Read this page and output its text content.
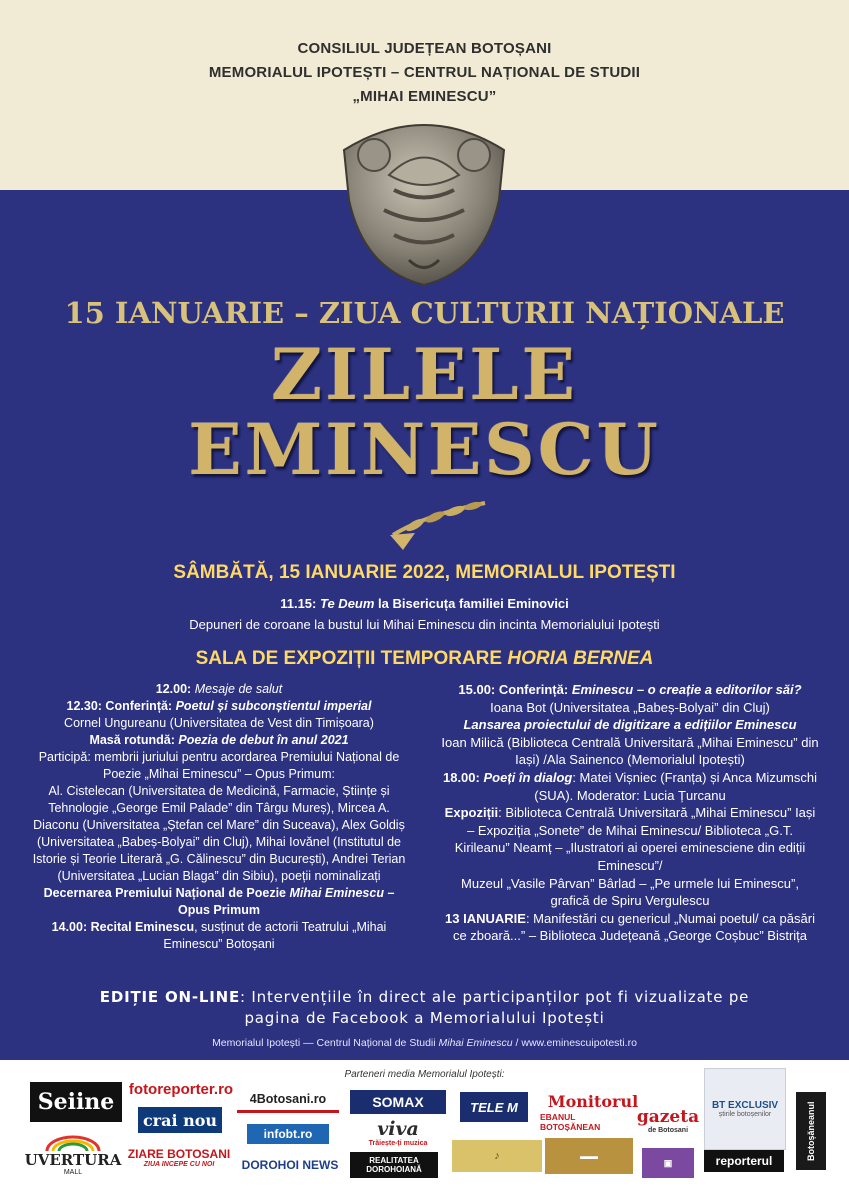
CONSILIUL JUDEȚEAN BOTOȘANI
MEMORIALUL IPOTEȘTI – CENTRUL NAȚIONAL DE STUDII
„MIHAI EMINESCU”
15 IANUARIE – ZIUA CULTURII NAȚIONALE
ZILELE
EMINESCU
SÂMBĂTĂ, 15 IANUARIE 2022, MEMORIALUL IPOTEȘTI
11.15: Te Deum la Bisericuța familiei Eminovici
Depuneri de coroane la bustul lui Mihai Eminescu din incinta Memorialului Ipotești
SALA DE EXPOZIȚII TEMPORARE HORIA BERNEA

12.00: Mesaje de salut

12.30: Conferință: Poetul și subconștientul imperial

Cornel Ungureanu (Universitatea de Vest din Timișoara)

Masă rotundă: Poezia de debut în anul 2021

Participă: membrii juriului pentru acordarea Premiului Național de Poezie „Mihai Eminescu” – Opus Primum:

Al. Cistelecan (Universitatea de Medicină, Farmacie, Științe și Tehnologie „George Emil Palade” din Târgu Mureș), Mircea A. Diaconu (Universitatea „Ștefan cel Mare” din Suceava), Alex Goldiș (Universitatea „Babeș-Bolyai” din Cluj), Mihai Iovănel (Institutul de Istorie și Teorie Literară „G. Călinescu” din București), Andrei Terian (Universitatea „Lucian Blaga” din Sibiu), poeții nominalizați

Decernarea Premiului Național de Poezie Mihai Eminescu – Opus Primum

14.00: Recital Eminescu, susținut de actorii Teatrului „Mihai Eminescu” Botoșani

15.00: Conferință: Eminescu – o creație a editorilor săi?

Ioana Bot (Universitatea „Babeș-Bolyai” din Cluj)

Lansarea proiectului de digitizare a edițiilor Eminescu

Ioan Milică (Biblioteca Centrală Universitară „Mihai Eminescu” din Iași) /Ala Sainenco (Memorialul Ipotești)

18.00: Poeți în dialog: Matei Vișniec (Franța) și Anca Mizumschi (SUA). Moderator: Lucia Țurcanu

Expoziții: Biblioteca Centrală Universitară „Mihai Eminescu” Iași – Expoziția „Sonete” de Mihai Eminescu/ Biblioteca „G.T. Kirileanu” Neamț – „Ilustratori ai operei eminesciene din ediții Eminescu”/

Muzeul „Vasile Pârvan” Bârlad – „Pe urmele lui Eminescu”, grafică de Spiru Vergulescu

13 IANUARIE: Manifestări cu genericul „Numai poetul/ ca păsări ce zboară...” – Biblioteca Județeană „George Coșbuc” Bistrița

EDIȚIE ON-LINE: Intervențiile în direct ale participanților pot fi vizualizate pe
pagina de Facebook a Memorialului Ipotești
Memorialul Ipotești — Centrul Național de Studii Mihai Eminescu / www.eminescuipotesti.ro
Parteneri media Memorialul Ipotești:
Seiine
UVERTURA
MALL
fotoreporter.ro
crai nou
ZIARE BOTOSANI
ZIUA INCEPE CU NOI
4Botosani.ro
infobt.ro
DOROHOI NEWS
SOMAX
viva
Trăiește-ți muzica
REALITATEA DOROHOIANĂ
TELE M
♪
Monitorul
EBANUL BOTOȘĂNEAN
▬▬
gazeta
de Botosani
▣
BT EXCLUSIV
știrile botoșenilor
reporterul
Botoșăneanul
